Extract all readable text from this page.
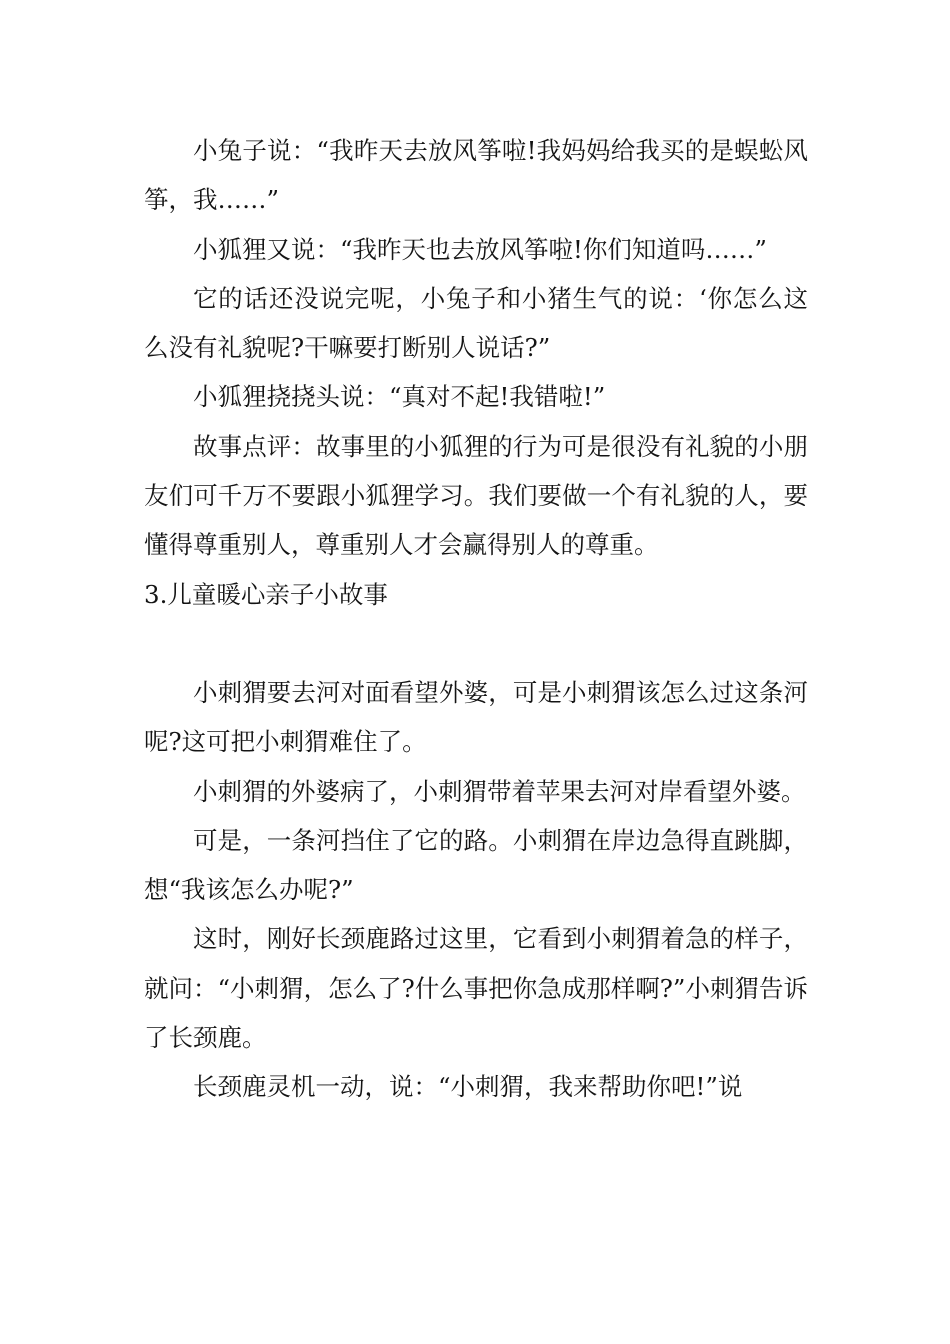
小兔子说：“我昨天去放风筝啦!我妈妈给我买的是蜈蚣风筝，我……”

小狐狸又说：“我昨天也去放风筝啦!你们知道吗……”

它的话还没说完呢，小兔子和小猪生气的说：‘你怎么这么没有礼貌呢?干嘛要打断别人说话?”

小狐狸挠挠头说：“真对不起!我错啦!”

故事点评：故事里的小狐狸的行为可是很没有礼貌的小朋友们可千万不要跟小狐狸学习。我们要做一个有礼貌的人，要懂得尊重别人，尊重别人才会赢得别人的尊重。

3.儿童暖心亲子小故事

小刺猬要去河对面看望外婆，可是小刺猬该怎么过这条河呢?这可把小刺猬难住了。

小刺猬的外婆病了，小刺猬带着苹果去河对岸看望外婆。

可是，一条河挡住了它的路。小刺猬在岸边急得直跳脚，想“我该怎么办呢?”

这时，刚好长颈鹿路过这里，它看到小刺猬着急的样子，就问：“小刺猬，怎么了?什么事把你急成那样啊?”小刺猬告诉了长颈鹿。

长颈鹿灵机一动，说：“小刺猬，我来帮助你吧!”说
